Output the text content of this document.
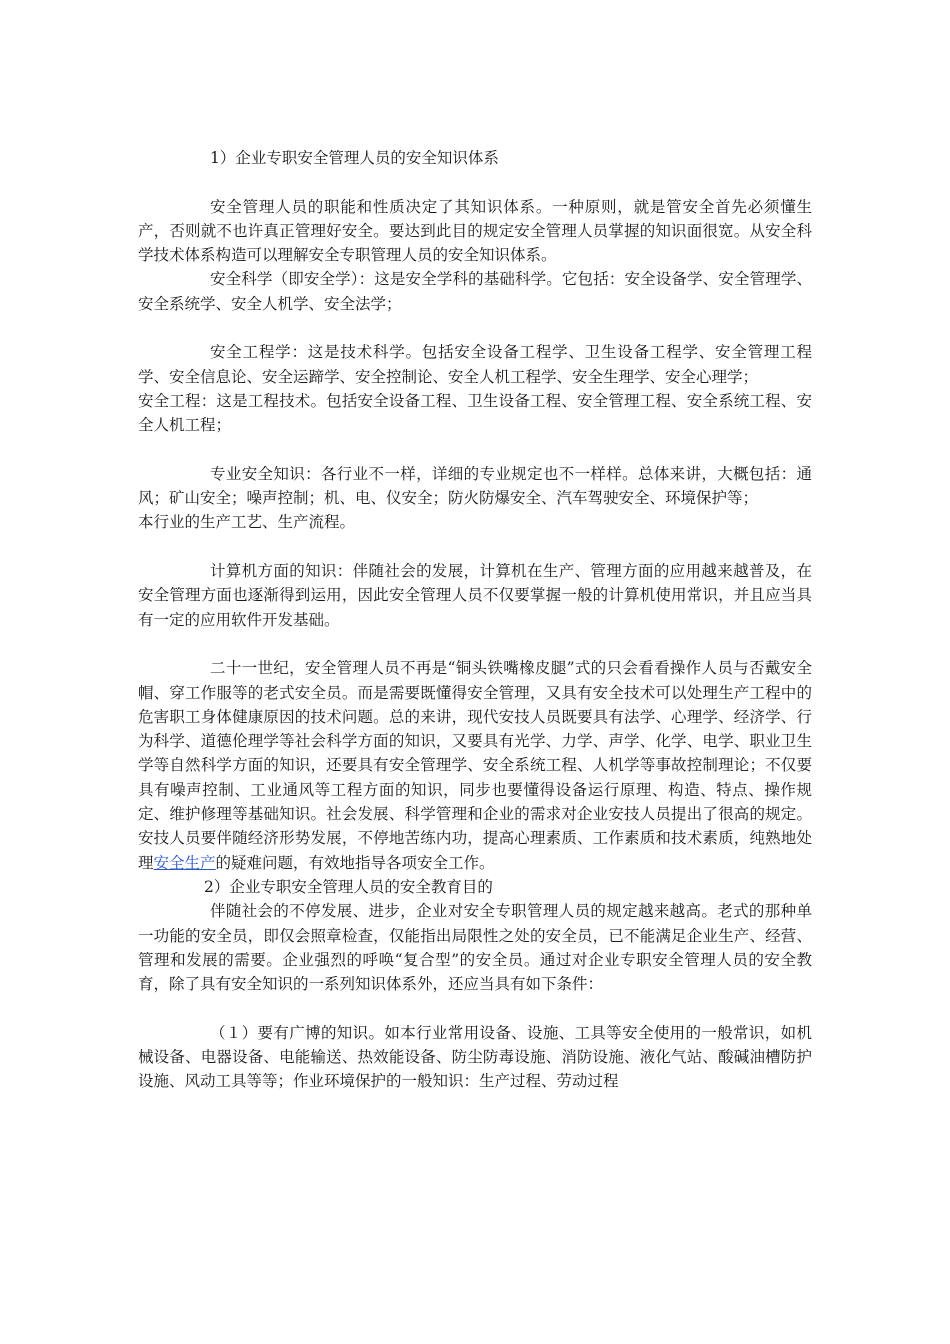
1）企业专职安全管理人员的安全知识体系

安全管理人员的职能和性质决定了其知识体系。一种原则，就是管安全首先必须懂生产，否则就不也许真正管理好安全。要达到此目的规定安全管理人员掌握的知识面很宽。从安全科学技术体系构造可以理解安全专职管理人员的安全知识体系。

安全科学（即安全学）：这是安全学科的基础科学。它包括：安全设备学、安全管理学、安全系统学、安全人机学、安全法学；

安全工程学：这是技术科学。包括安全设备工程学、卫生设备工程学、安全管理工程学、安全信息论、安全运蹄学、安全控制论、安全人机工程学、安全生理学、安全心理学；

安全工程：这是工程技术。包括安全设备工程、卫生设备工程、安全管理工程、安全系统工程、安全人机工程；

专业安全知识：各行业不一样，详细的专业规定也不一样样。总体来讲，大概包括：通风；矿山安全；噪声控制；机、电、仪安全；防火防爆安全、汽车驾驶安全、环境保护等；

本行业的生产工艺、生产流程。

计算机方面的知识：伴随社会的发展，计算机在生产、管理方面的应用越来越普及，在安全管理方面也逐渐得到运用，因此安全管理人员不仅要掌握一般的计算机使用常识，并且应当具有一定的应用软件开发基础。

二十一世纪，安全管理人员不再是“铜头铁嘴橡皮腿”式的只会看看操作人员与否戴安全帽、穿工作服等的老式安全员。而是需要既懂得安全管理，又具有安全技术可以处理生产工程中的危害职工身体健康原因的技术问题。总的来讲，现代安技人员既要具有法学、心理学、经济学、行为科学、道德伦理学等社会科学方面的知识，又要具有光学、力学、声学、化学、电学、职业卫生学等自然科学方面的知识，还要具有安全管理学、安全系统工程、人机学等事故控制理论；不仅要具有噪声控制、工业通风等工程方面的知识，同步也要懂得设备运行原理、构造、特点、操作规定、维护修理等基础知识。社会发展、科学管理和企业的需求对企业安技人员提出了很高的规定。安技人员要伴随经济形势发展，不停地苦练内功，提高心理素质、工作素质和技术素质，纯熟地处理安全生产的疑难问题，有效地指导各项安全工作。

2）企业专职安全管理人员的安全教育目的

伴随社会的不停发展、进步，企业对安全专职管理人员的规定越来越高。老式的那种单一功能的安全员，即仅会照章检查，仅能指出局限性之处的安全员，已不能满足企业生产、经营、管理和发展的需要。企业强烈的呼唤“复合型”的安全员。通过对企业专职安全管理人员的安全教育，除了具有安全知识的一系列知识体系外，还应当具有如下条件：

（１）要有广博的知识。如本行业常用设备、设施、工具等安全使用的一般常识，如机械设备、电器设备、电能输送、热效能设备、防尘防毒设施、消防设施、液化气站、酸碱油槽防护设施、风动工具等等；作业环境保护的一般知识：生产过程、劳动过程
